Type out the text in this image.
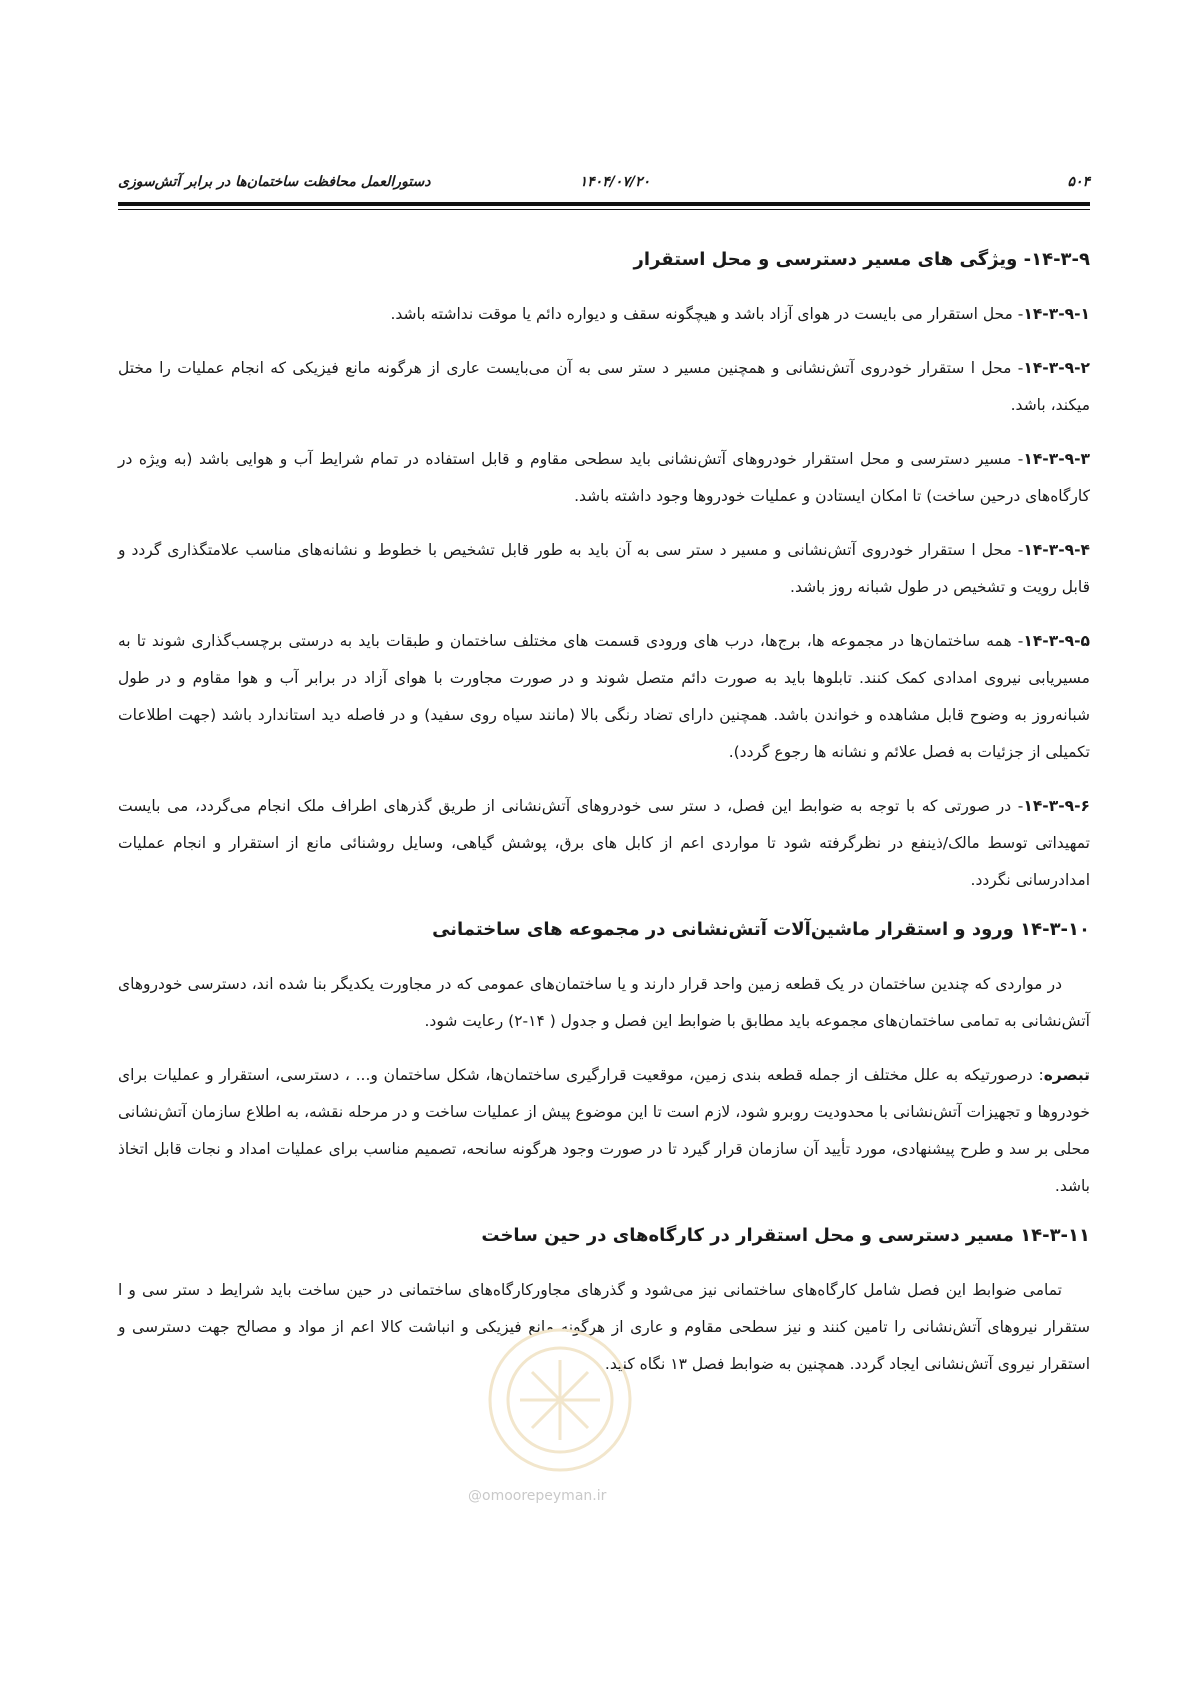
۵۰۴
۱۴۰۴/۰۷/۲۰
دستورالعمل محافظت ساختمان‌ها در برابر آتش‌سوزی
۱۴-۳-۹- ویژگی های مسیر دسترسی و محل استقرار

۱۴-۳-۹-۱- محل استقرار می بایست در هوای آزاد باشد و هیچگونه سقف و دیواره دائم یا موقت نداشته باشد.

۱۴-۳-۹-۲- محل ا ستقرار خودروی آتش‌نشانی و همچنین مسیر د ستر سی به آن می‌بایست عاری از هرگونه مانع فیزیکی که انجام عملیات را مختل میکند، باشد.

۱۴-۳-۹-۳- مسیر دسترسی و محل استقرار خودروهای آتش‌نشانی باید سطحی مقاوم و قابل استفاده در تمام شرایط آب و هوایی باشد (به ویژه در کارگاه‌های درحین ساخت) تا امکان ایستادن و عملیات خودروها وجود داشته باشد.

۱۴-۳-۹-۴- محل ا ستقرار خودروی آتش‌نشانی و مسیر د ستر سی به آن باید به طور قابل تشخیص با خطوط و نشانه‌های مناسب علامتگذاری گردد و قابل رویت و تشخیص در طول شبانه روز باشد.

۱۴-۳-۹-۵- همه ساختمان‌ها در مجموعه ها، برج‌ها، درب های ورودی قسمت های مختلف ساختمان و طبقات باید به درستی برچسب‌گذاری شوند تا به مسیریابی نیروی امدادی کمک کنند. تابلوها باید به صورت دائم متصل شوند و در صورت مجاورت با هوای آزاد در برابر آب و هوا مقاوم و در طول شبانه‌روز به وضوح قابل مشاهده و خواندن باشد. همچنین دارای تضاد رنگی بالا (مانند سیاه روی سفید) و در فاصله دید استاندارد باشد (جهت اطلاعات تکمیلی از جزئیات به فصل علائم و نشانه ها رجوع گردد).

۱۴-۳-۹-۶- در صورتی که با توجه به ضوابط این فصل، د ستر سی خودروهای آتش‌نشانی از طریق گذرهای اطراف ملک انجام می‌گردد، می بایست تمهیداتی توسط مالک/ذینفع در نظرگرفته شود تا مواردی اعم از کابل های برق، پوشش گیاهی، وسایل روشنائی مانع از استقرار و انجام عملیات امدادرسانی نگردد.

۱۴-۳-۱۰ ورود و استقرار ماشین‌آلات آتش‌نشانی در مجموعه های ساختمانی

در مواردی که چندین ساختمان در یک قطعه زمین واحد قرار دارند و یا ساختمان‌های عمومی که در مجاورت یکدیگر بنا شده اند، دسترسی خودروهای آتش‌نشانی به تمامی ساختمان‌های مجموعه باید مطابق با ضوابط این فصل و جدول ( ۱۴-۲) رعایت شود.

تبصره: درصورتیکه به علل مختلف از جمله قطعه بندی زمین، موقعیت قرارگیری ساختمان‌ها، شکل ساختمان و... ، دسترسی، استقرار و عملیات برای خودروها و تجهیزات آتش‌نشانی با محدودیت روبرو شود، لازم است تا این موضوع پیش از عملیات ساخت و در مرحله نقشه، به اطلاع سازمان آتش‌نشانی محلی بر سد و طرح پیشنهادی، مورد تأیید آن سازمان قرار گیرد تا در صورت وجود هرگونه سانحه، تصمیم مناسب برای عملیات امداد و نجات قابل اتخاذ باشد.

۱۴-۳-۱۱ مسیر دسترسی و محل استقرار در کارگاه‌های در حین ساخت

تمامی ضوابط این فصل شامل کارگاه‌های ساختمانی نیز می‌شود و گذرهای مجاورکارگاه‌های ساختمانی در حین ساخت باید شرایط د ستر سی و ا ستقرار نیروهای آتش‌نشانی را تامین کنند و نیز سطحی مقاوم و عاری از هرگونه مانع فیزیکی و انباشت کالا اعم از مواد و مصالح جهت دسترسی و استقرار نیروی آتش‌نشانی ایجاد گردد. همچنین به ضوابط فصل ۱۳ نگاه کنید.

@omoorepeyman.ir
